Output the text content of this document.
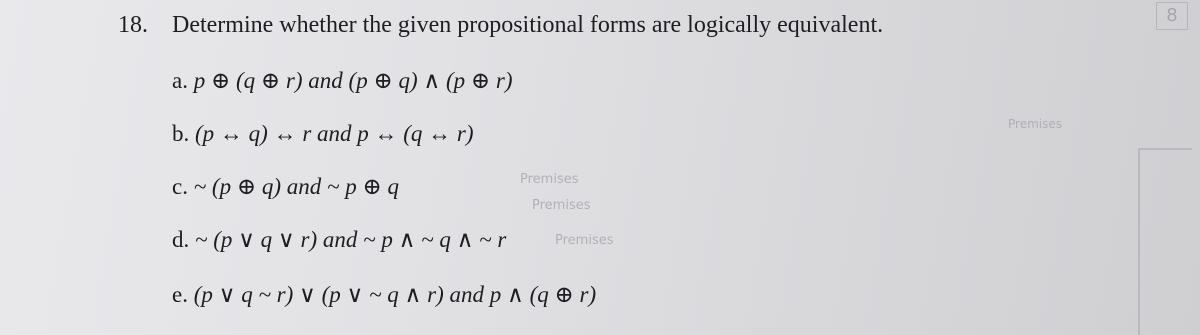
8
18. Determine whether the given propositional forms are logically equivalent.
a. p ⊕ (q ⊕ r) and (p ⊕ q) ∧ (p ⊕ r)
b. (p ↔ q) ↔ r and p ↔ (q ↔ r)
c. ~ (p ⊕ q) and ~ p ⊕ q
d. ~ (p ∨ q ∨ r) and ~ p ∧ ~ q ∧ ~ r
e. (p ∨ q ~ r) ∨ (p ∨ ~ q ∧ r) and p ∧ (q ⊕ r)
Premises
Premises
Premises
Premises
